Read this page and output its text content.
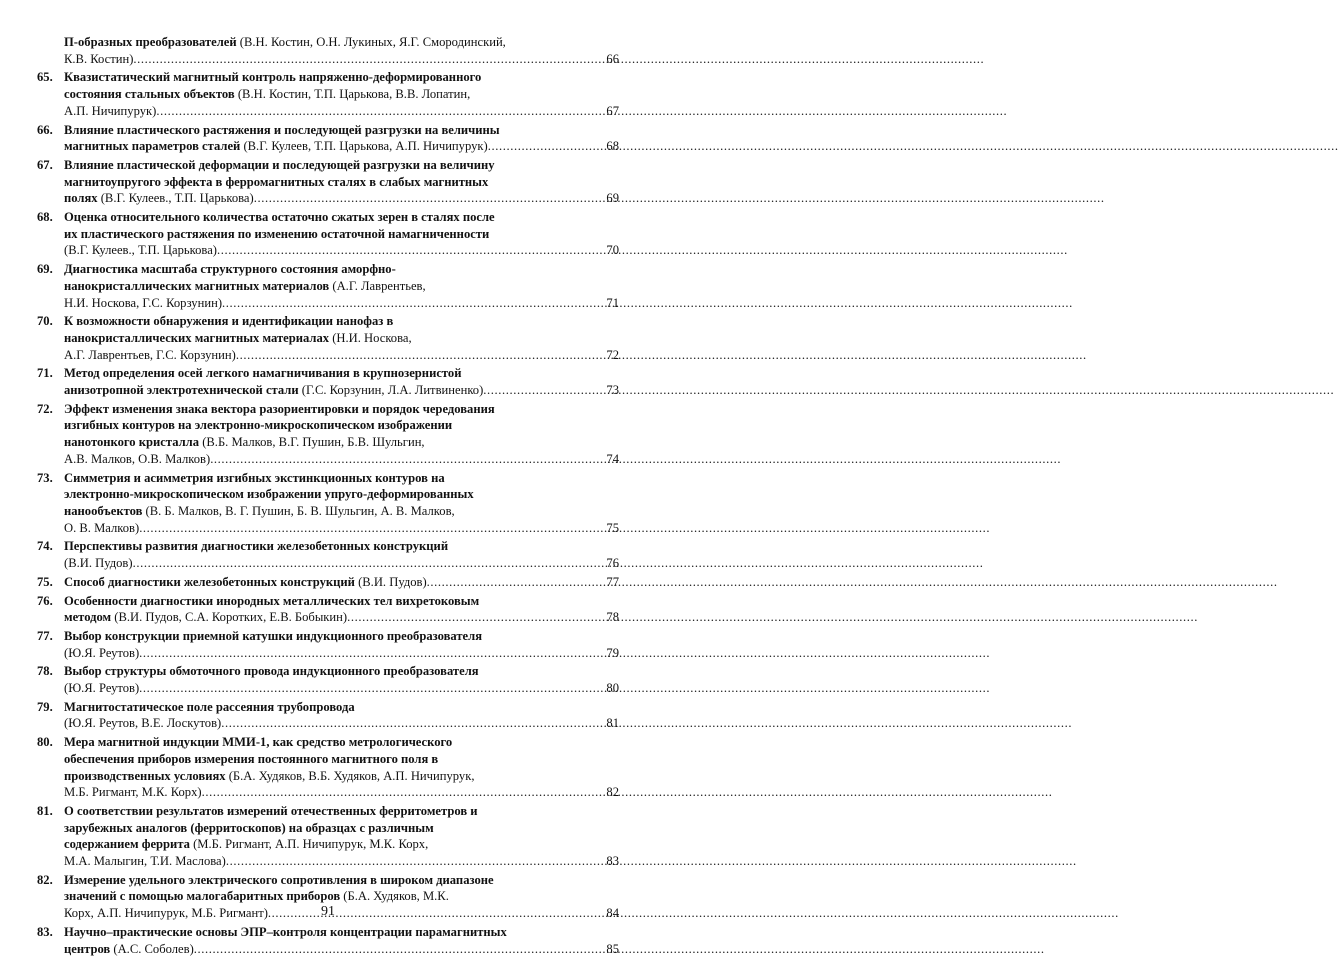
П-образных преобразователей (В.Н. Костин, О.Н. Лукиных, Я.Г. Смородинский,
К.В. Костин) .....	66
65. Квазистатический магнитный контроль напряженно-деформированного
состояния стальных объектов (В.Н. Костин, Т.П. Царькова, В.В. Лопатин,
А.П. Ничипурук) .....	67
66. Влияние пластического растяжения и последующей разгрузки на величины
магнитных параметров сталей (В.Г. Кулеев, Т.П. Царькова, А.П. Ничипурук) .....	68
67. Влияние пластической деформации и последующей разгрузки на величину
магнитоупругого эффекта в ферромагнитных сталях в слабых магнитных
полях (В.Г. Кулеев., Т.П. Царькова) .....	69
68. Оценка относительного количества остаточно сжатых зерен в сталях после
их пластического растяжения по изменению остаточной намагниченности
(В.Г. Кулеев., Т.П. Царькова) .....	70
69. Диагностика масштаба структурного состояния аморфно-
нанокристаллических магнитных материалов (А.Г. Лаврентьев,
Н.И. Носкова, Г.С. Корзунин) .....	71
70. К возможности обнаружения и идентификации нанофаз в
нанокристаллических магнитных материалах (Н.И. Носкова,
А.Г. Лаврентьев, Г.С. Корзунин) .....	72
71. Метод определения осей легкого намагничивания в крупнозернистой
анизотропной электротехнической стали (Г.С. Корзунин, Л.А. Литвиненко) .....	73
72. Эффект изменения знака вектора разориентировки и порядок чередования
изгибных контуров на электронно-микроскопическом изображении
нанотонкого кристалла (В.Б. Малков, В.Г. Пушин, Б.В. Шульгин,
А.В. Малков, О.В. Малков) .....	74
73. Симметрия и асимметрия изгибных экстинкционных контуров на
электронно-микроскопическом изображении упруго-деформированных
нанообъектов (В. Б. Малков, В. Г. Пушин, Б. В. Шульгин, А. В. Малков,
О. В. Малков) .....	75
74. Перспективы развития диагностики железобетонных конструкций
(В.И. Пудов) .....	76
75. Способ диагностики железобетонных конструкций (В.И. Пудов) .....	77
76. Особенности диагностики инородных металлических тел вихретоковым
методом (В.И. Пудов, С.А. Коротких, Е.В. Бобыкин) .....	78
77. Выбор конструкции приемной катушки индукционного преобразователя
(Ю.Я. Реутов) .....	79
78. Выбор структуры обмоточного провода индукционного преобразователя
(Ю.Я. Реутов) .....	80
79. Магнитостатическое поле рассеяния трубопровода
(Ю.Я. Реутов, В.Е. Лоскутов) .....	81
80. Мера магнитной индукции ММИ-1, как средство метрологического
обеспечения приборов измерения постоянного магнитного поля в
производственных условиях (Б.А. Худяков, В.Б. Худяков, А.П. Ничипурук,
М.Б. Ригмант, М.К. Корх) .....	82
81. О соответствии результатов измерений отечественных ферритометров и
зарубежных аналогов (ферритоскопов) на образцах с различным
содержанием феррита (М.Б. Ригмант, А.П. Ничипурук, М.К. Корх,
М.А. Малыгин, Т.И. Маслова) .....	83
82. Измерение удельного электрического сопротивления в широком диапазоне
значений с помощью малогабаритных приборов (Б.А. Худяков, М.К.
Корх, А.П. Ничипурук, М.Б. Ригмант) .....	84
83. Научно–практические основы ЭПР–контроля концентрации парамагнитных
центров (А.С. Соболев) .....	85
91
